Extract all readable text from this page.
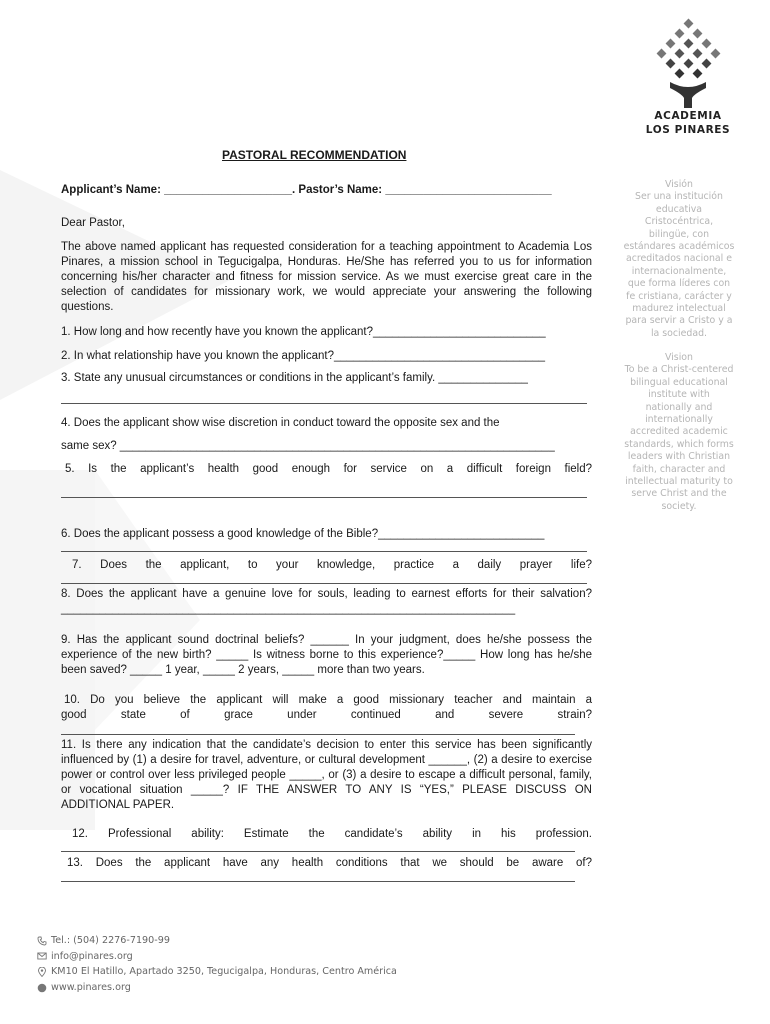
ACADEMIA
LOS PINARES
Visión
Ser una institución
educativa
Cristocéntrica,
bilingüe, con
estándares académicos
acreditados nacional e
internacionalmente,
que forma líderes con
fe cristiana, carácter y
madurez intelectual
para servir a Cristo y a
la sociedad.
Vision
To be a Christ-centered
bilingual educational
institute with
nationally and
internationally
accredited academic
standards, which forms
leaders with Christian
faith, character and
intellectual maturity to
serve Christ and the
society.
PASTORAL RECOMMENDATION
Applicant’s Name: ____________________. Pastor’s Name: __________________________
Dear Pastor,
The above named applicant has requested consideration for a teaching appointment to Academia Los Pinares, a mission school in Tegucigalpa, Honduras. He/She has referred you to us for information concerning his/her character and fitness for mission service. As we must exercise great care in the selection of candidates for missionary work, we would appreciate your answering the following questions.
1. How long and how recently have you known the applicant?___________________________
2. In what relationship have you known the applicant?_________________________________
3. State any unusual circumstances or conditions in the applicant’s family. ______________
4. Does the applicant show wise discretion in conduct toward the opposite sex and the
same sex? ____________________________________________________________________
5. Is the applicant’s health good enough for service on a difficult foreign field?
6. Does the applicant possess a good knowledge of the Bible?__________________________
7. Does the applicant, to your knowledge, practice a daily prayer life?
8. Does the applicant have a genuine love for souls, leading to earnest efforts for their salvation?_______________________________________________________________________
9. Has the applicant sound doctrinal beliefs? ______ In your judgment, does he/she possess the experience of the new birth? _____ Is witness borne to this experience?_____ How long has he/she been saved? _____ 1 year, _____ 2 years, _____ more than two years.
10. Do you believe the applicant will make a good missionary teacher and maintain a
good state of grace under continued and severe strain?
11. Is there any indication that the candidate’s decision to enter this service has been significantly influenced by (1) a desire for travel, adventure, or cultural development ______, (2) a desire to exercise power or control over less privileged people _____, or (3) a desire to escape a difficult personal, family, or vocational situation _____? IF THE ANSWER TO ANY IS “YES,” PLEASE DISCUSS ON ADDITIONAL PAPER.
12. Professional ability: Estimate the candidate’s ability in his profession.
13. Does the applicant have any health conditions that we should be aware of?
Tel.: (504) 2276-7190-99
info@pinares.org
KM10 El Hatillo, Apartado 3250, Tegucigalpa, Honduras, Centro América
www.pinares.org
